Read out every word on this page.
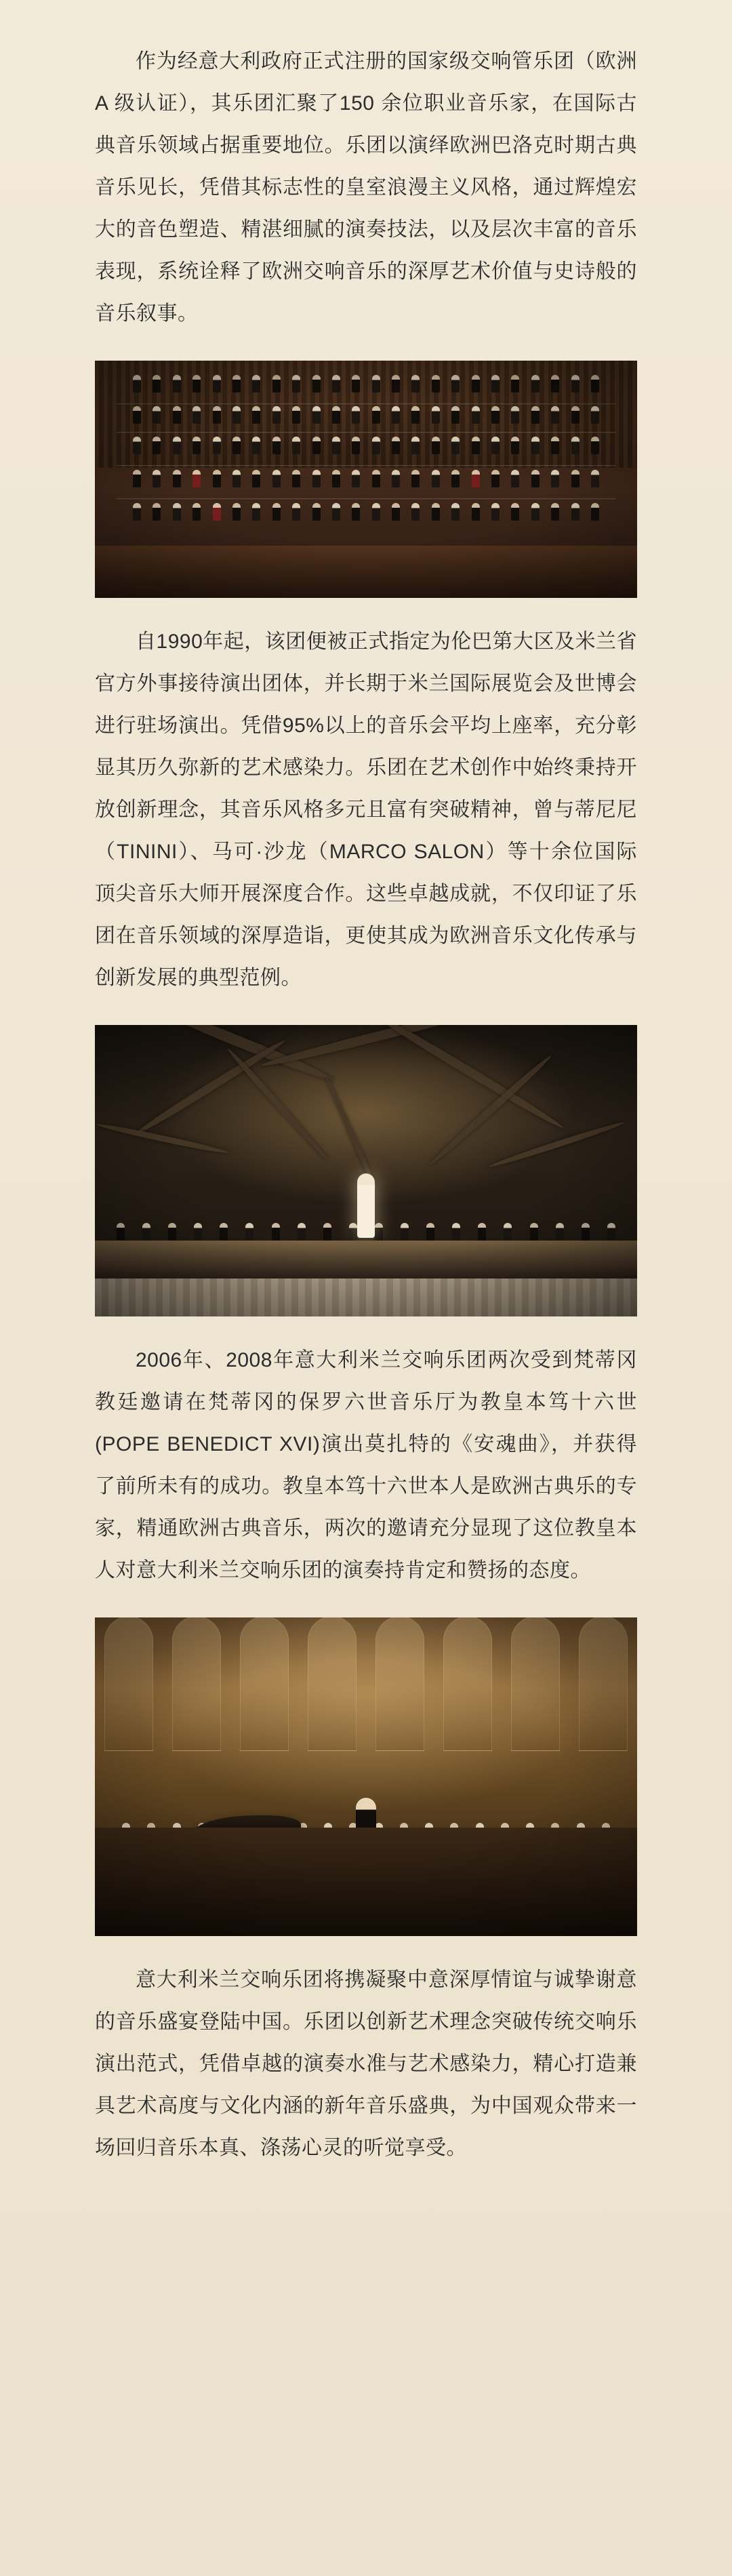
作为经意大利政府正式注册的国家级交响管乐团（欧洲 A 级认证），其乐团汇聚了150 余位职业音乐家，在国际古典音乐领域占据重要地位。乐团以演绎欧洲巴洛克时期古典音乐见长，凭借其标志性的皇室浪漫主义风格，通过辉煌宏大的音色塑造、精湛细腻的演奏技法，以及层次丰富的音乐表现，系统诠释了欧洲交响音乐的深厚艺术价值与史诗般的音乐叙事。

自1990年起，该团便被正式指定为伦巴第大区及米兰省官方外事接待演出团体，并长期于米兰国际展览会及世博会进行驻场演出。凭借95%以上的音乐会平均上座率，充分彰显其历久弥新的艺术感染力。乐团在艺术创作中始终秉持开放创新理念，其音乐风格多元且富有突破精神，曾与蒂尼尼（TININI）、马可·沙龙（MARCO SALON）等十余位国际顶尖音乐大师开展深度合作。这些卓越成就，不仅印证了乐团在音乐领域的深厚造诣，更使其成为欧洲音乐文化传承与创新发展的典型范例。

2006年、2008年意大利米兰交响乐团两次受到梵蒂冈教廷邀请在梵蒂冈的保罗六世音乐厅为教皇本笃十六世(POPE BENEDICT XVI)演出莫扎特的《安魂曲》，并获得了前所未有的成功。教皇本笃十六世本人是欧洲古典乐的专家，精通欧洲古典音乐，两次的邀请充分显现了这位教皇本人对意大利米兰交响乐团的演奏持肯定和赞扬的态度。

意大利米兰交响乐团将携凝聚中意深厚情谊与诚挚谢意的音乐盛宴登陆中国。乐团以创新艺术理念突破传统交响乐演出范式，凭借卓越的演奏水准与艺术感染力，精心打造兼具艺术高度与文化内涵的新年音乐盛典，为中国观众带来一场回归音乐本真、涤荡心灵的听觉享受。
